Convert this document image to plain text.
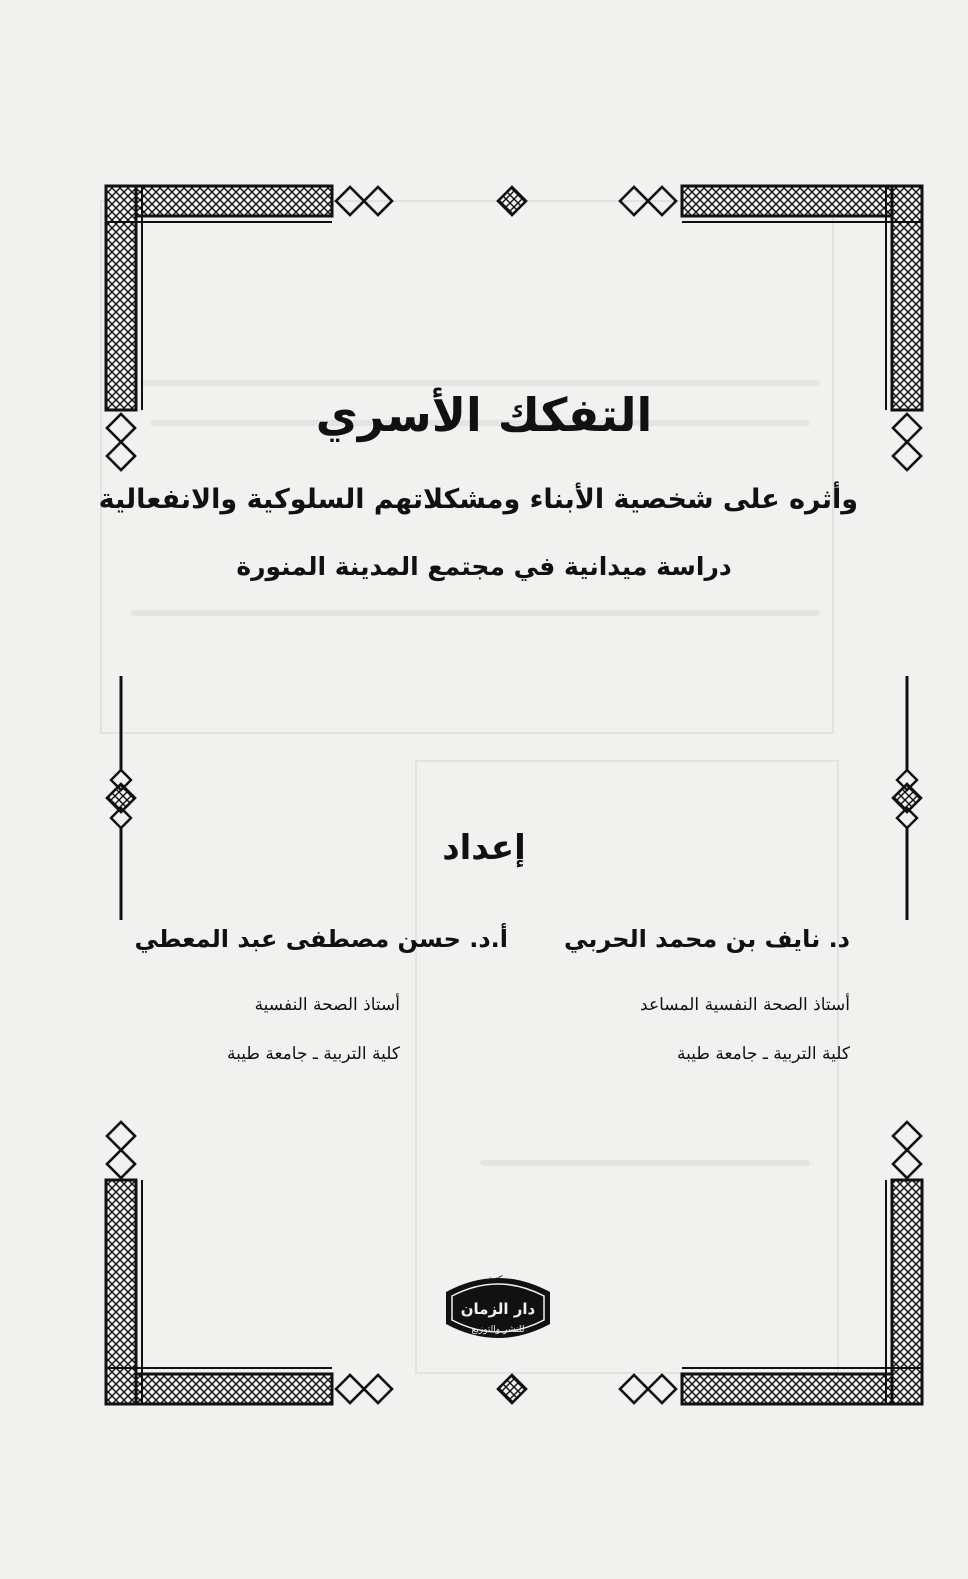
التفكك الأسري
وأثره على شخصية الأبناء ومشكلاتهم السلوكية والانفعالية
دراسة ميدانية في مجتمع المدينة المنورة
إعداد
د. نايف بن محمد الحربي
أستاذ الصحة النفسية المساعد
كلية التربية ـ جامعة طيبة
أ.د. حسن مصطفى عبد المعطي
أستاذ الصحة النفسية
كلية التربية ـ جامعة طيبة
مكتبة
دار الزمان
للنشر والتوزيع
